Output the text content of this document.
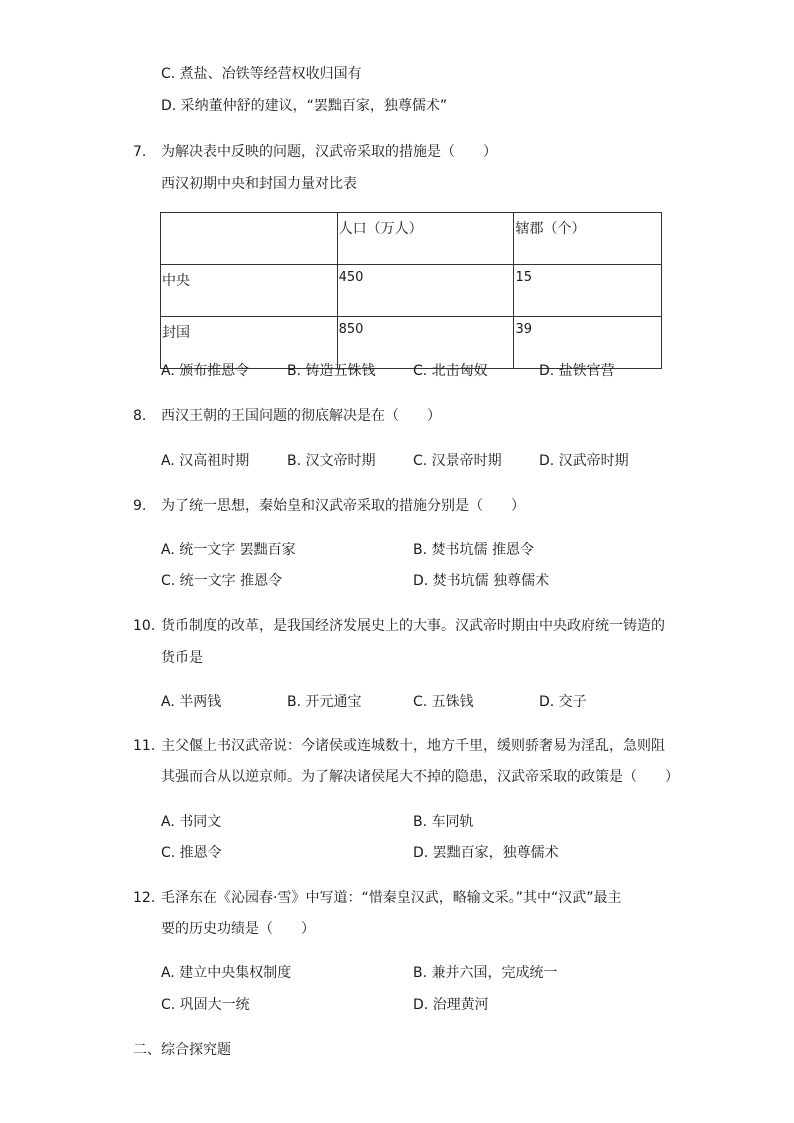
C. 煮盐、冶铁等经营权收归国有
D. 采纳董仲舒的建议，“罢黜百家，独尊儒术”
7. 为解决表中反映的问题，汉武帝采取的措施是（　　）
西汉初期中央和封国力量对比表
	人口（万人）	辖郡（个）
中央	450	15
封国	850	39
A. 颁布推恩令	B. 铸造五铢钱	C. 北击匈奴	D. 盐铁官营
8. 西汉王朝的王国问题的彻底解决是在（　　）
A. 汉高祖时期	B. 汉文帝时期	C. 汉景帝时期	D. 汉武帝时期
9. 为了统一思想，秦始皇和汉武帝采取的措施分别是（　　）
A. 统一文字 罢黜百家	B. 焚书坑儒 推恩令
C. 统一文字 推恩令	D. 焚书坑儒 独尊儒术
10. 货币制度的改革，是我国经济发展史上的大事。汉武帝时期由中央政府统一铸造的
货币是
A. 半两钱	B. 开元通宝	C. 五铢钱	D. 交子
11. 主父偃上书汉武帝说：今诸侯或连城数十，地方千里，缓则骄奢易为淫乱，急则阻
其强而合从以逆京师。为了解决诸侯尾大不掉的隐患，汉武帝采取的政策是（　　）
A. 书同文	B. 车同轨
C. 推恩令	D. 罢黜百家，独尊儒术
12. 毛泽东在《沁园春·雪》中写道：“惜秦皇汉武，略输文采。”其中“汉武”最主
要的历史功绩是（　　）
A. 建立中央集权制度	B. 兼并六国，完成统一
C. 巩固大一统	D. 治理黄河
二、综合探究题
